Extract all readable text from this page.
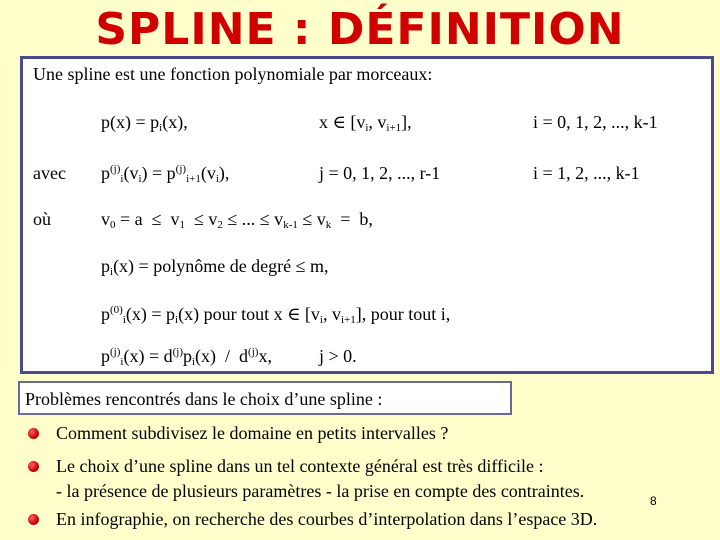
SPLINE : DÉFINITION
Une spline est une fonction polynomiale par morceaux:
$p(x) = p_i(x)$,	x ∈ [$v_i$, $v_{i+1}$],	i = 0, 1, 2, ..., k-1
avec $p^{(j)}_i(v_i) = p^{(j)}_{i+1}(v_i)$,	j = 0, 1, 2, ..., r-1	i = 1, 2, ..., k-1
où	$v_0 = a \le v_1 \le v_2$ ≤ ... ≤ $v_{k-1} \le v_k = b$,
$p_i(x)$ = polynôme de degré ≤ m,
$p^{(0)}_i(x) = p_i(x)$ pour tout x ∈ [$v_i$, $v_{i+1}$], pour tout i,
$p^{(j)}_i(x) = d^{(j)}p_i(x) / d^{(j)}x$,	j > 0.
Problèmes rencontrés dans le choix d’une spline :
Comment subdivisez le domaine en petits intervalles ?
Le choix d’une spline dans un tel contexte général est très difficile :
- la présence de plusieurs paramètres - la prise en compte des contraintes.
En infographie, on recherche des courbes d’interpolation dans l’espace 3D.
8
